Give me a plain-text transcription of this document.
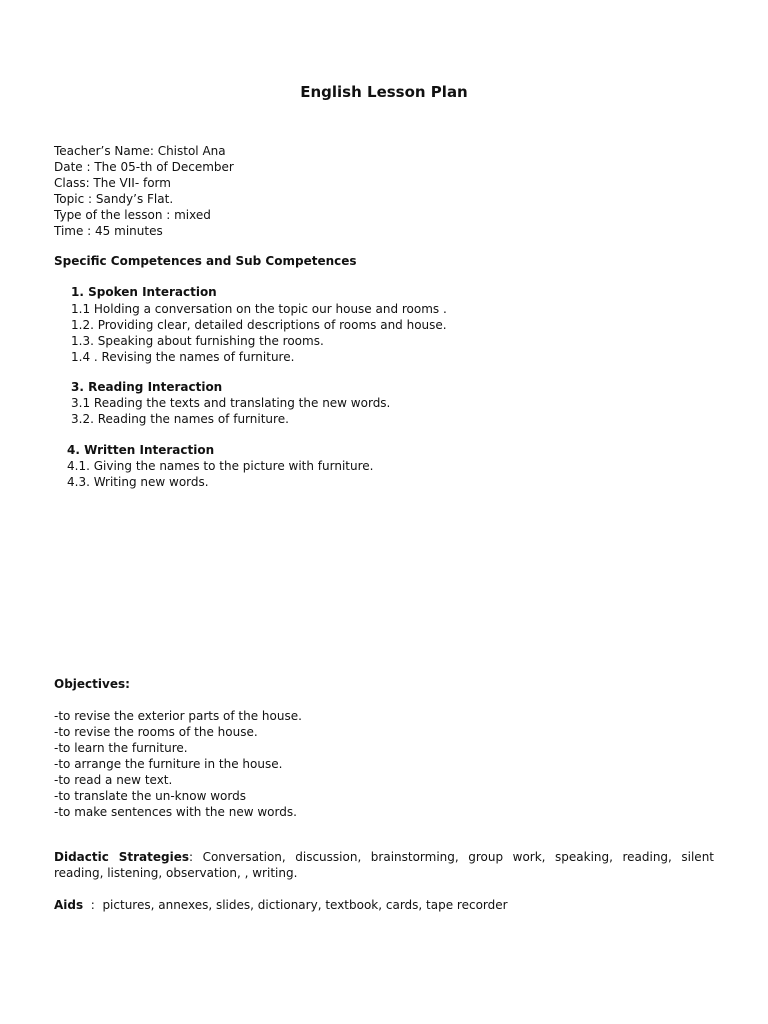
English Lesson Plan
Teacher’s Name: Chistol Ana
Date : The 05-th of December
Class: The VII- form
Topic : Sandy’s Flat.
Type of the lesson : mixed
Time : 45 minutes
Specific Competences and Sub Competences
1. Spoken Interaction
1.1 Holding a conversation on the topic our house and rooms .
1.2. Providing clear, detailed descriptions of rooms and house.
1.3. Speaking about furnishing the rooms.
1.4 . Revising the names of furniture.
3. Reading Interaction
3.1 Reading the texts and translating the new words.
3.2. Reading the names of furniture.
4. Written Interaction
4.1. Giving the names to the picture with furniture.
4.3. Writing new words.
Objectives:
-to revise the exterior parts of the house.
-to revise the rooms of the house.
-to learn the furniture.
-to arrange the furniture in the house.
-to read a new text.
-to translate the un-know words
-to make sentences with the new words.
Didactic Strategies: Conversation, discussion, brainstorming, group work, speaking, reading, silent reading, listening, observation, , writing.
Aids  :  pictures, annexes, slides, dictionary, textbook, cards, tape recorder
